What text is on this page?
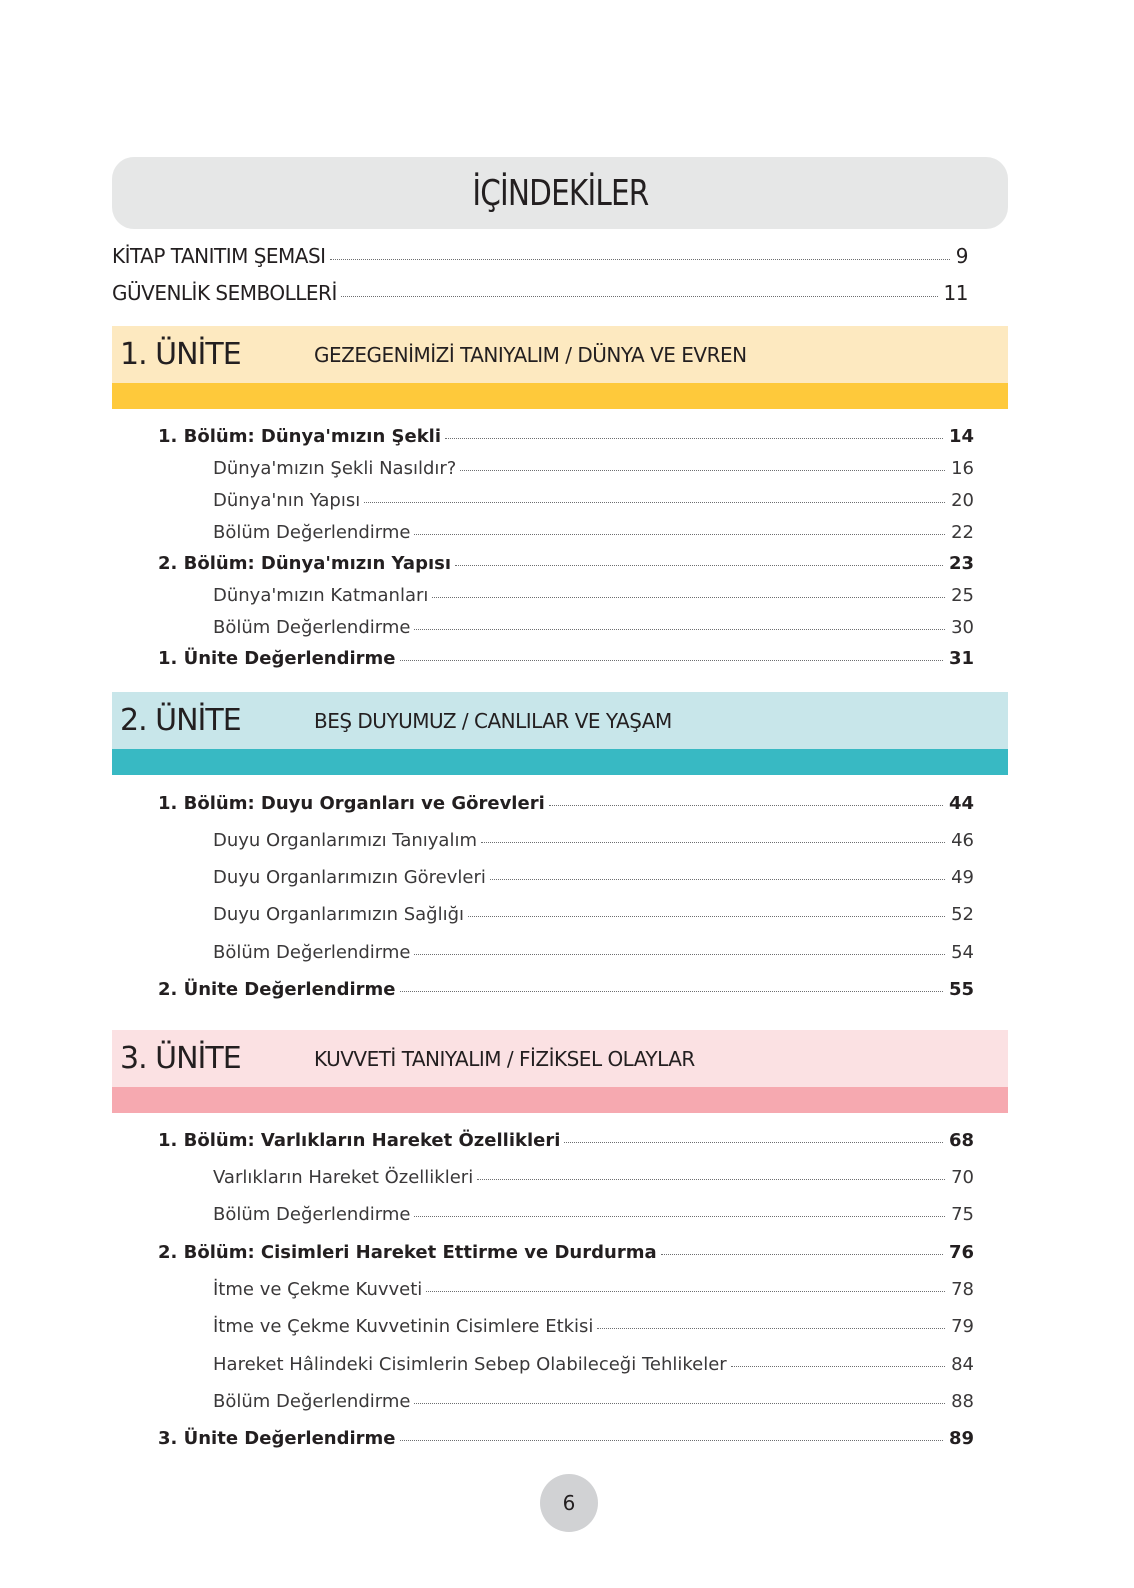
İÇİNDEKİLER
KİTAP TANITIM ŞEMASI	9
GÜVENLİK SEMBOLLERİ	11
1. ÜNİTE	GEZEGENİMİZİ TANIYALIM / DÜNYA VE EVREN
1. Bölüm: Dünya'mızın Şekli	14
Dünya'mızın Şekli Nasıldır?	16
Dünya'nın Yapısı	20
Bölüm Değerlendirme	22
2. Bölüm: Dünya'mızın Yapısı	23
Dünya'mızın Katmanları	25
Bölüm Değerlendirme	30
1. Ünite Değerlendirme	31
2. ÜNİTE	BEŞ DUYUMUZ / CANLILAR VE YAŞAM
1. Bölüm: Duyu Organları ve Görevleri	44
Duyu Organlarımızı Tanıyalım	46
Duyu Organlarımızın Görevleri	49
Duyu Organlarımızın Sağlığı	52
Bölüm Değerlendirme	54
2. Ünite Değerlendirme	55
3. ÜNİTE	KUVVETİ TANIYALIM / FİZİKSEL OLAYLAR
1. Bölüm: Varlıkların Hareket Özellikleri	68
Varlıkların Hareket Özellikleri	70
Bölüm Değerlendirme	75
2. Bölüm: Cisimleri Hareket Ettirme ve Durdurma	76
İtme ve Çekme Kuvveti	78
İtme ve Çekme Kuvvetinin Cisimlere Etkisi	79
Hareket Hâlindeki Cisimlerin Sebep Olabileceği Tehlikeler	84
Bölüm Değerlendirme	88
3. Ünite Değerlendirme	89
6
